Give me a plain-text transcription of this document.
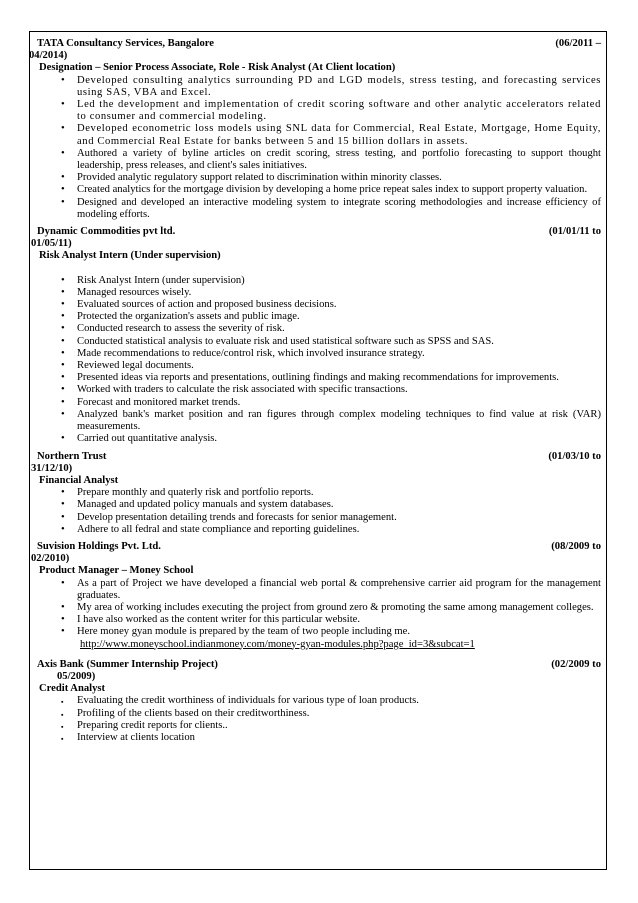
TATA Consultancy Services, Bangalore	(06/2011 –
04/2014)
Designation – Senior Process Associate, Role - Risk Analyst (At Client location)
• Developed consulting analytics surrounding PD and LGD models, stress testing, and forecasting services using SAS, VBA and Excel.
• Led the development and implementation of credit scoring software and other analytic accelerators related to consumer and commercial modeling.
• Developed econometric loss models using SNL data for Commercial, Real Estate, Mortgage, Home Equity, and Commercial Real Estate for banks between 5 and 15 billion dollars in assets.
• Authored a variety of byline articles on credit scoring, stress testing, and portfolio forecasting to support thought leadership, press releases, and client's sales initiatives.
• Provided analytic regulatory support related to discrimination within minority classes.
• Created analytics for the mortgage division by developing a home price repeat sales index to support property valuation.
• Designed and developed an interactive modeling system to integrate scoring methodologies and increase efficiency of modeling efforts.
Dynamic Commodities pvt ltd.	(01/01/11 to
01/05/11)
Risk Analyst Intern (Under supervision)
• Risk Analyst Intern (under supervision)
• Managed resources wisely.
• Evaluated sources of action and proposed business decisions.
• Protected the organization's assets and public image.
• Conducted research to assess the severity of risk.
• Conducted statistical analysis to evaluate risk and used statistical software such as SPSS and SAS.
• Made recommendations to reduce/control risk, which involved insurance strategy.
• Reviewed legal documents.
• Presented ideas via reports and presentations, outlining findings and making recommendations for improvements.
• Worked with traders to calculate the risk associated with specific transactions.
• Forecast and monitored market trends.
• Analyzed bank's market position and ran figures through complex modeling techniques to find value at risk (VAR) measurements.
• Carried out quantitative analysis.
Northern Trust	(01/03/10 to
31/12/10)
Financial Analyst
• Prepare monthly and quaterly risk and portfolio reports.
• Managed and updated policy manuals and system databases.
• Develop presentation detailing trends and forecasts for senior management.
• Adhere to all fedral and state compliance and reporting guidelines.
Suvision Holdings Pvt. Ltd.	(08/2009 to
02/2010)
Product Manager – Money School
• As a part of Project we have developed a financial web portal & comprehensive carrier aid program for the management graduates.
• My area of working includes executing the project from ground zero & promoting the same among management colleges.
• I have also worked as the content writer for this particular website.
• Here money gyan module is prepared by the team of two people including me.
http://www.moneyschool.indianmoney.com/money-gyan-modules.php?page_id=3&subcat=1
Axis Bank (Summer Internship Project)	(02/2009 to
05/2009)
Credit Analyst
▪ Evaluating the credit worthiness of individuals for various type of loan products.
▪ Profiling of the clients based on their creditworthiness.
▪ Preparing credit reports for clients..
▪ Interview at clients location
